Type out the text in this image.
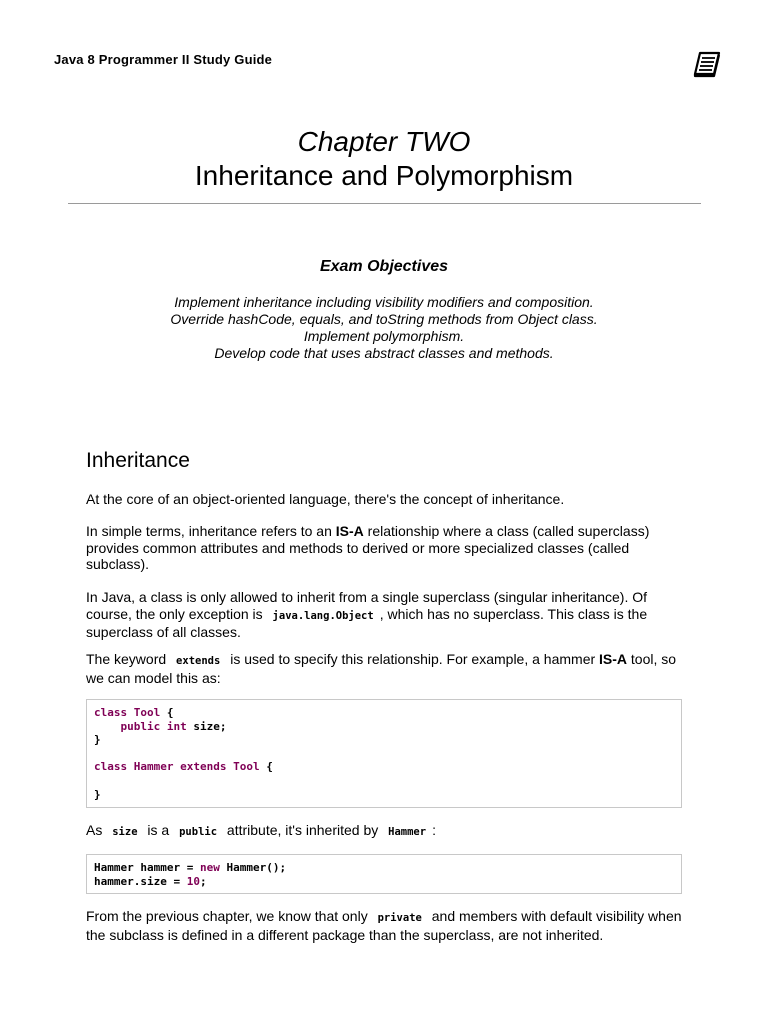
Java 8 Programmer II Study Guide
Chapter TWO
Inheritance and Polymorphism
Exam Objectives
Implement inheritance including visibility modifiers and composition.
Override hashCode, equals, and toString methods from Object class.
Implement polymorphism.
Develop code that uses abstract classes and methods.
Inheritance
At the core of an object-oriented language, there's the concept of inheritance.
In simple terms, inheritance refers to an IS-A relationship where a class (called superclass) provides common attributes and methods to derived or more specialized classes (called subclass).
In Java, a class is only allowed to inherit from a single superclass (singular inheritance). Of course, the only exception is java.lang.Object , which has no superclass. This class is the superclass of all classes.
The keyword extends is used to specify this relationship. For example, a hammer IS-A tool, so we can model this as:
class Tool {
public int size;
}
class Hammer extends Tool {
}
As size is a public attribute, it's inherited by Hammer :
Hammer hammer = new Hammer();
hammer.size = 10;
From the previous chapter, we know that only private and members with default visibility when the subclass is defined in a different package than the superclass, are not inherited.
